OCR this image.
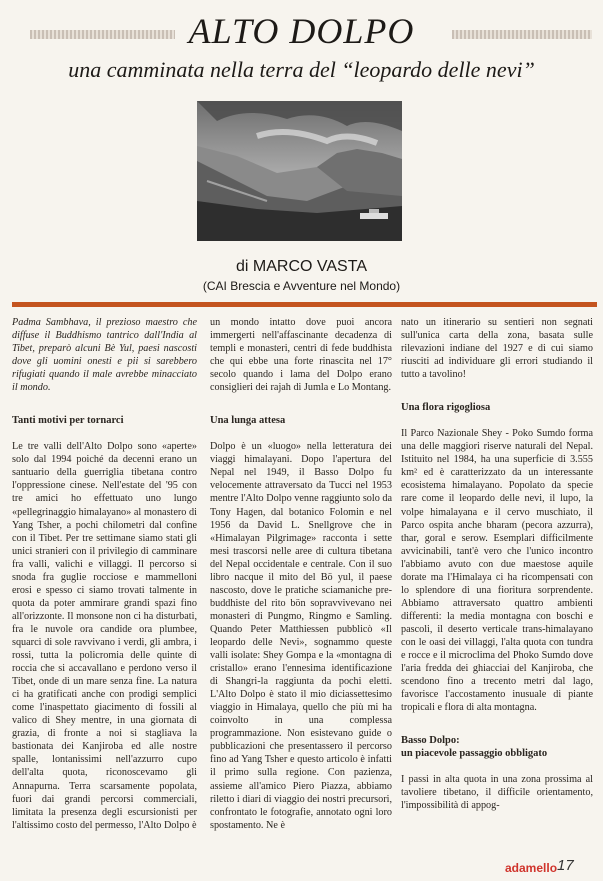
ALTO DOLPO
una camminata nella terra del “leopardo delle nevi”
di MARCO VASTA
(CAI Brescia e Avventure nel Mondo)

Padma Sambhava, il prezioso maestro che diffuse il Buddhismo tantrico dall'India al Tibet, preparò alcuni Bè Yul, paesi nascosti dove gli uomini onesti e pii si sarebbero rifugiati quando il male avrebbe minacciato il mondo.

Tanti motivi per tornarci

Le tre valli dell'Alto Dolpo sono «aperte» solo dal 1994 poiché da decenni erano un santuario della guerriglia tibetana contro l'oppressione cinese. Nell'estate del '95 con tre amici ho effettuato uno lungo «pellegrinaggio himalayano» al monastero di Yang Tsher, a pochi chilometri dal confine con il Tibet. Per tre settimane siamo stati gli unici stranieri con il privilegio di camminare fra valli, valichi e villaggi. Il percorso si snoda fra guglie rocciose e mammelloni erosi e spesso ci siamo trovati talmente in quota da poter ammirare grandi spazi fino all'orizzonte. Il monsone non ci ha disturbati, fra le nuvole ora candide ora plumbee, squarci di sole ravvivano i verdi, gli ambra, i rossi, tutta la policromia delle quinte di roccia che si accavallano e perdono verso il Tibet, onde di un mare senza fine. La natura ci ha gratificati anche con prodigi semplici come l'inaspettato giacimento di fossili al valico di Shey mentre, in una giornata di grazia, di fronte a noi si stagliava la bastionata dei Kanjiroba ed alle nostre spalle, lontanissimi nell'azzurro cupo dell'alta quota, riconoscevamo gli Annapurna. Terra scarsamente popolata, fuori dai grandi percorsi commerciali, limitata la presenza degli escursionisti per l'altissimo costo del permesso, l'Alto Dolpo è

un mondo intatto dove puoi ancora immergerti nell'affascinante decadenza di templi e monasteri, centri di fede buddhista che qui ebbe una forte rinascita nel 17° secolo quando i lama del Dolpo erano consiglieri dei rajah di Jumla e Lo Montang.

Una lunga attesa

Dolpo è un «luogo» nella letteratura dei viaggi himalayani. Dopo l'apertura del Nepal nel 1949, il Basso Dolpo fu velocemente attraversato da Tucci nel 1953 mentre l'Alto Dolpo venne raggiunto solo da Tony Hagen, dal botanico Folomin e nel 1956 da David L. Snellgrove che in «Himalayan Pilgrimage» racconta i sette mesi trascorsi nelle aree di cultura tibetana del Nepal occidentale e centrale. Con il suo libro nacque il mito del Bö yul, il paese nascosto, dove le pratiche sciamaniche pre-buddhiste del rito bön sopravvivevano nei monasteri di Pungmo, Ringmo e Samling. Quando Peter Matthiessen pubblicò «Il leopardo delle Nevi», sognammo queste valli isolate: Shey Gompa e la «montagna di cristallo» erano l'ennesima identificazione di Shangri-la raggiunta da pochi eletti. L'Alto Dolpo è stato il mio diciassettesimo viaggio in Himalaya, quello che più mi ha coinvolto in una complessa programmazione. Non esistevano guide o pubblicazioni che presentassero il percorso fino ad Yang Tsher e questo articolo è infatti il primo sulla regione. Con pazienza, assieme all'amico Piero Piazza, abbiamo riletto i diari di viaggio dei nostri precursori, confrontato le fotografie, annotato ogni loro spostamento. Ne è

nato un itinerario su sentieri non segnati sull'unica carta della zona, basata sulle rilevazioni indiane del 1927 e di cui siamo riusciti ad individuare gli errori studiando il tutto a tavolino!

Una flora rigogliosa

Il Parco Nazionale Shey - Poko Sumdo forma una delle maggiori riserve naturali del Nepal. Istituito nel 1984, ha una superficie di 3.555 km² ed è caratterizzato da un interessante ecosistema himalayano. Popolato da specie rare come il leopardo delle nevi, il lupo, la volpe himalayana e il cervo muschiato, il Parco ospita anche bharam (pecora azzurra), thar, goral e serow. Esemplari difficilmente avvicinabili, tant'è vero che l'unico incontro l'abbiamo avuto con due maestose aquile dorate ma l'Himalaya ci ha ricompensati con lo splendore di una fioritura sorprendente. Abbiamo attraversato quattro ambienti differenti: la media montagna con boschi e pascoli, il deserto verticale trans-himalayano con le oasi dei villaggi, l'alta quota con tundra e rocce e il microclima del Phoko Sumdo dove l'aria fredda dei ghiacciai del Kanjiroba, che scendono fino a trecento metri dal lago, favorisce l'accostamento inusuale di piante tropicali e flora di alta montagna.

Basso Dolpo:
un piacevole passaggio obbligato

I passi in alta quota in una zona prossima al tavoliere tibetano, il difficile orientamento, l'impossibilità di appog-

adamello 17
